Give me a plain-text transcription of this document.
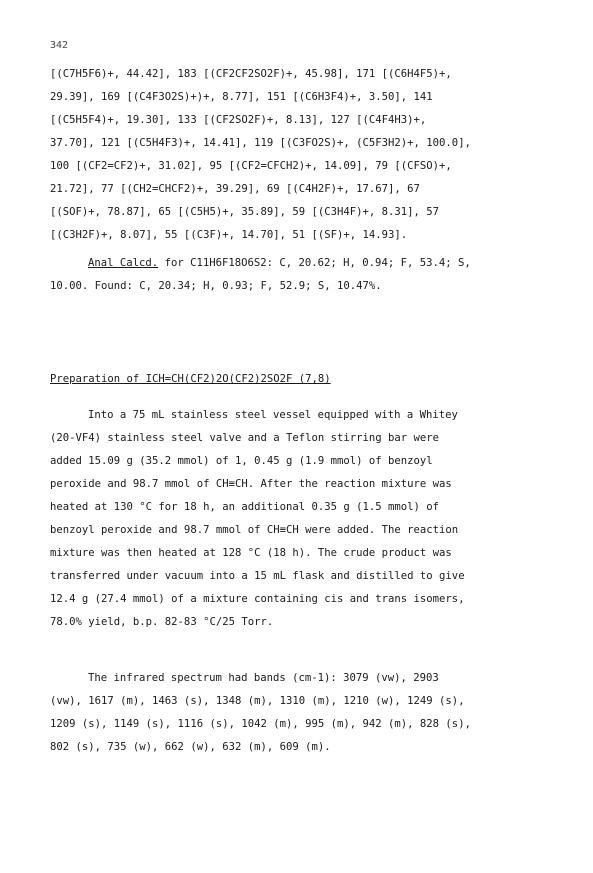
342
[(C7H5F6)+, 44.42], 183 [(CF2CF2SO2F)+, 45.98], 171 [(C6H4F5)+,
29.39], 169 [(C4F3O2S)+)+, 8.77], 151 [(C6H3F4)+, 3.50], 141
[(C5H5F4)+, 19.30], 133 [(CF2SO2F)+, 8.13], 127 [(C4F4H3)+,
37.70], 121 [(C5H4F3)+, 14.41], 119 [(C3FO2S)+, (C5F3H2)+, 100.0],
100 [(CF2=CF2)+, 31.02], 95 [(CF2=CFCH2)+, 14.09], 79 [(CFSO)+,
21.72], 77 [(CH2=CHCF2)+, 39.29], 69 [(C4H2F)+, 17.67], 67
[(SOF)+, 78.87], 65 [(C5H5)+, 35.89], 59 [(C3H4F)+, 8.31], 57
[(C3H2F)+, 8.07], 55 [(C3F)+, 14.70], 51 [(SF)+, 14.93].
Anal Calcd. for C11H6F18O6S2: C, 20.62; H, 0.94; F, 53.4; S,
10.00. Found: C, 20.34; H, 0.93; F, 52.9; S, 10.47%.
Preparation of ICH=CH(CF2)2O(CF2)2SO2F (7,8)
Into a 75 mL stainless steel vessel equipped with a Whitey
(20-VF4) stainless steel valve and a Teflon stirring bar were
added 15.09 g (35.2 mmol) of 1, 0.45 g (1.9 mmol) of benzoyl
peroxide and 98.7 mmol of CH≡CH. After the reaction mixture was
heated at 130 °C for 18 h, an additional 0.35 g (1.5 mmol) of
benzoyl peroxide and 98.7 mmol of CH≡CH were added. The reaction
mixture was then heated at 128 °C (18 h). The crude product was
transferred under vacuum into a 15 mL flask and distilled to give
12.4 g (27.4 mmol) of a mixture containing cis and trans isomers,
78.0% yield, b.p. 82-83 °C/25 Torr.
The infrared spectrum had bands (cm-1): 3079 (vw), 2903
(vw), 1617 (m), 1463 (s), 1348 (m), 1310 (m), 1210 (w), 1249 (s),
1209 (s), 1149 (s), 1116 (s), 1042 (m), 995 (m), 942 (m), 828 (s),
802 (s), 735 (w), 662 (w), 632 (m), 609 (m).
